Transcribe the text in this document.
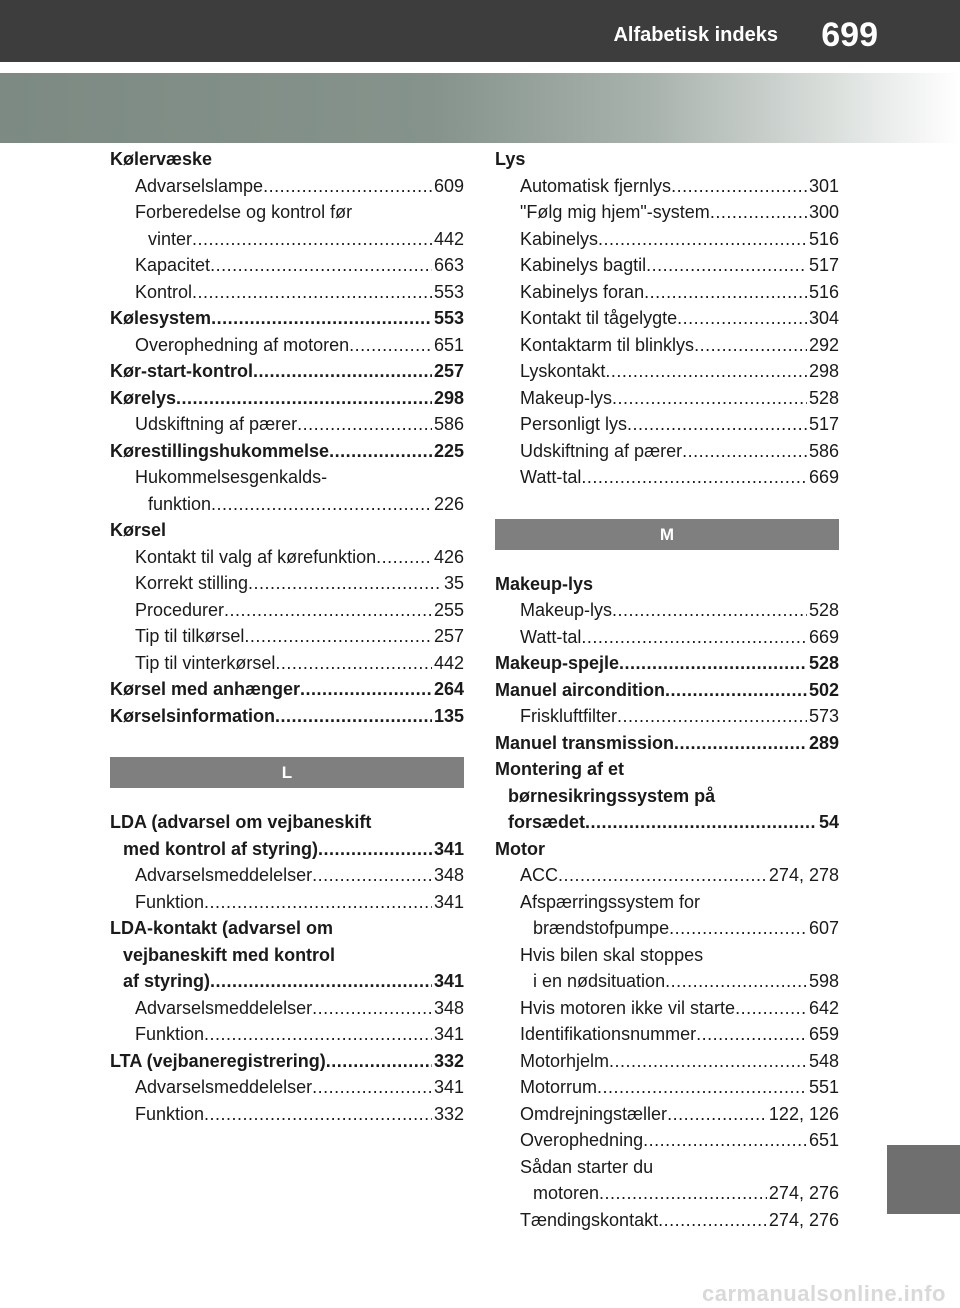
Alfabetisk indeks 699
Kølervæske
Advarselslampe .....	609
Forberedelse og kontrol før
vinter .....	442
Kapacitet .....	663
Kontrol .....	553
Kølesystem .....	553
Overophedning af motoren .....	651
Kør-start-kontrol .....	257
Kørelys .....	298
Udskiftning af pærer .....	586
Kørestillingshukommelse .....	225
Hukommelsesgenkalds-
funktion .....	226
Kørsel
Kontakt til valg af kørefunktion .....	426
Korrekt stilling .....	35
Procedurer .....	255
Tip til tilkørsel .....	257
Tip til vinterkørsel .....	442
Kørsel med anhænger .....	264
Kørselsinformation .....	135
L
LDA (advarsel om vejbaneskift
med kontrol af styring) .....	341
Advarselsmeddelelser .....	348
Funktion .....	341
LDA-kontakt (advarsel om
vejbaneskift med kontrol
af styring) .....	341
Advarselsmeddelelser .....	348
Funktion .....	341
LTA (vejbaneregistrering) .....	332
Advarselsmeddelelser .....	341
Funktion .....	332
Lys
Automatisk fjernlys .....	301
"Følg mig hjem"-system .....	300
Kabinelys .....	516
Kabinelys bagtil .....	517
Kabinelys foran .....	516
Kontakt til tågelygte .....	304
Kontaktarm til blinklys .....	292
Lyskontakt .....	298
Makeup-lys .....	528
Personligt lys .....	517
Udskiftning af pærer .....	586
Watt-tal .....	669
M
Makeup-lys
Makeup-lys .....	528
Watt-tal .....	669
Makeup-spejle .....	528
Manuel aircondition .....	502
Friskluftfilter .....	573
Manuel transmission .....	289
Montering af et
børnesikringssystem på
forsædet .....	54
Motor
ACC .....	274, 278
Afspærringssystem for
brændstofpumpe .....	607
Hvis bilen skal stoppes
i en nødsituation .....	598
Hvis motoren ikke vil starte .....	642
Identifikationsnummer .....	659
Motorhjelm .....	548
Motorrum .....	551
Omdrejningstæller .....	122, 126
Overophedning .....	651
Sådan starter du
motoren .....	274, 276
Tændingskontakt .....	274, 276
carmanualsonline.info
